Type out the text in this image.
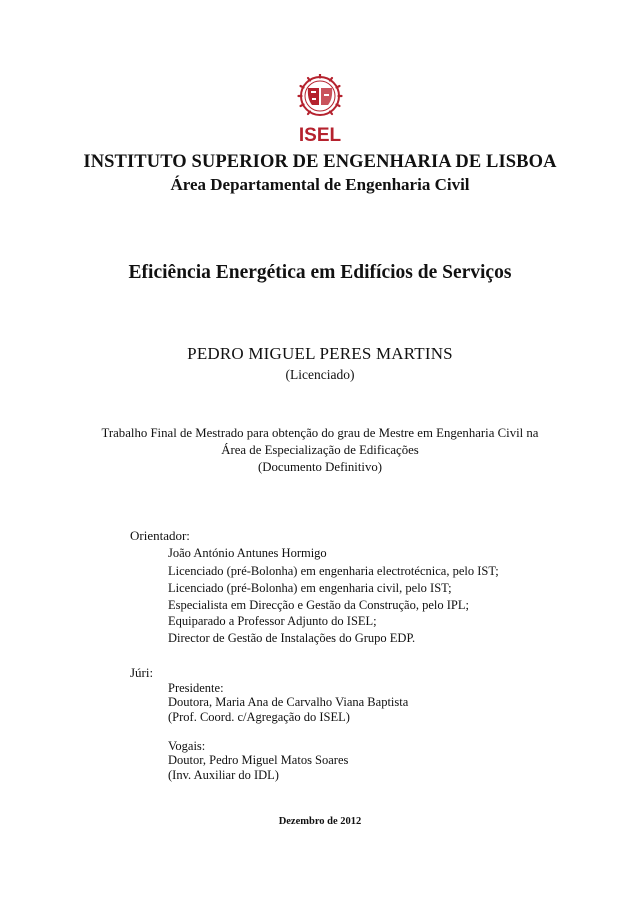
ISEL
INSTITUTO SUPERIOR DE ENGENHARIA DE LISBOA
Área Departamental de Engenharia Civil
Eficiência Energética em Edifícios de Serviços
PEDRO MIGUEL PERES MARTINS
(Licenciado)
Trabalho Final de Mestrado para obtenção do grau de Mestre em Engenharia Civil na
Área de Especialização de Edificações
(Documento Definitivo)
Orientador:
João António Antunes Hormigo
Licenciado (pré-Bolonha) em engenharia electrotécnica, pelo IST;
Licenciado (pré-Bolonha) em engenharia civil, pelo IST;
Especialista em Direcção e Gestão da Construção, pelo IPL;
Equiparado a Professor Adjunto do ISEL;
Director de Gestão de Instalações do Grupo EDP.
Júri:
Presidente:
Doutora, Maria Ana de Carvalho Viana Baptista
(Prof. Coord. c/Agregação do ISEL)
Vogais:
Doutor, Pedro Miguel Matos Soares
(Inv. Auxiliar do IDL)
Dezembro de 2012
